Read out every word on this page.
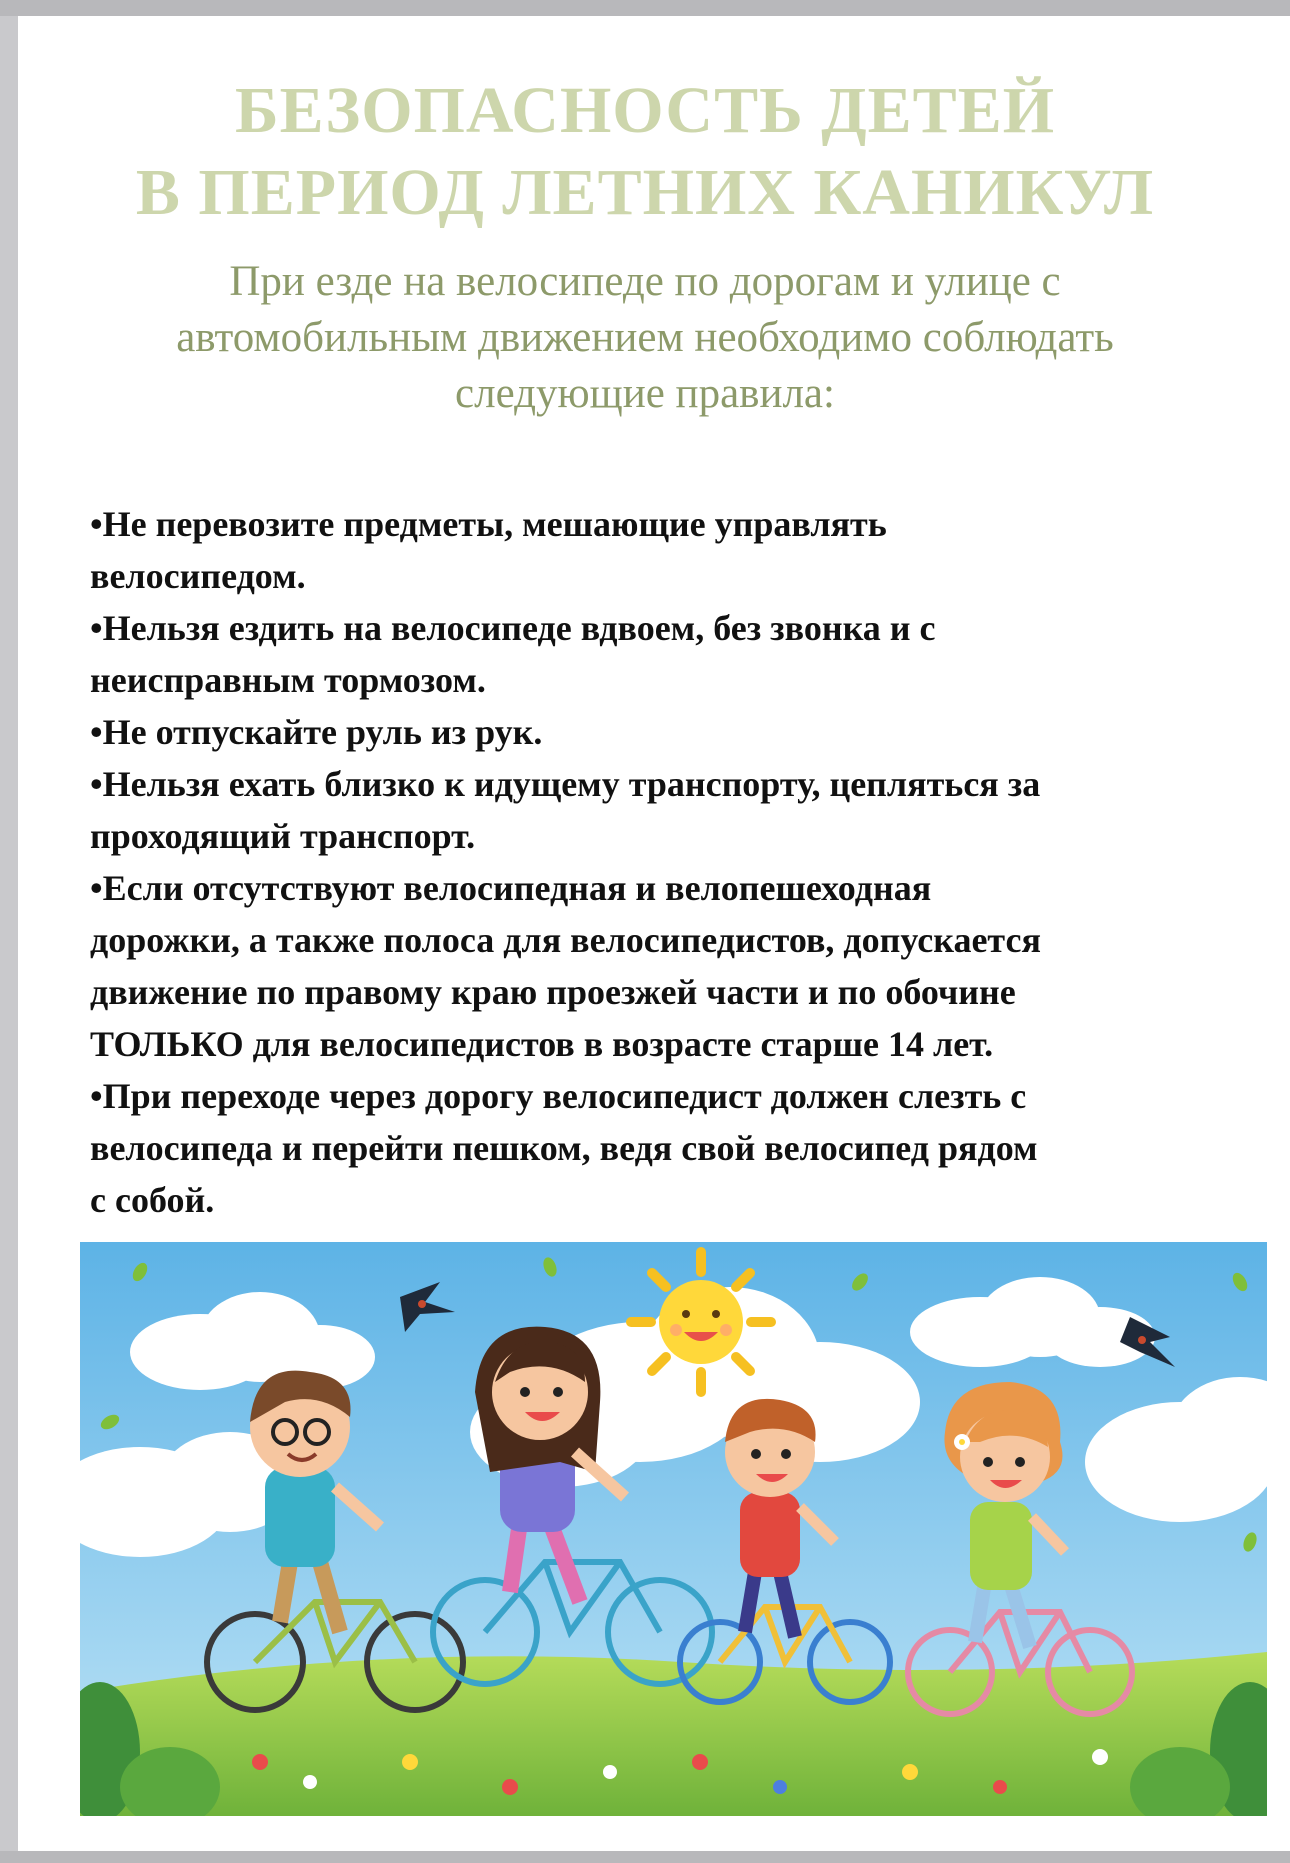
БЕЗОПАСНОСТЬ ДЕТЕЙ
В ПЕРИОД ЛЕТНИХ КАНИКУЛ

При езде на велосипеде по дорогам и улице с
автомобильным движением необходимо соблюдать
следующие правила:

•Не перевозите предметы, мешающие управлять
велосипедом.
•Нельзя ездить на велосипеде вдвоем, без звонка и с
неисправным тормозом.
•Не отпускайте руль из рук.
•Нельзя ехать близко к идущему транспорту, цепляться за
проходящий транспорт.
•Если отсутствуют велосипедная и велопешеходная
дорожки, а также полоса для велосипедистов, допускается
движение по правому краю проезжей части и по обочине
ТОЛЬКО для велосипедистов в возрасте старше 14 лет.
•При переходе через дорогу велосипедист должен слезть с
велосипеда и перейти пешком, ведя свой велосипед рядом
с собой.
